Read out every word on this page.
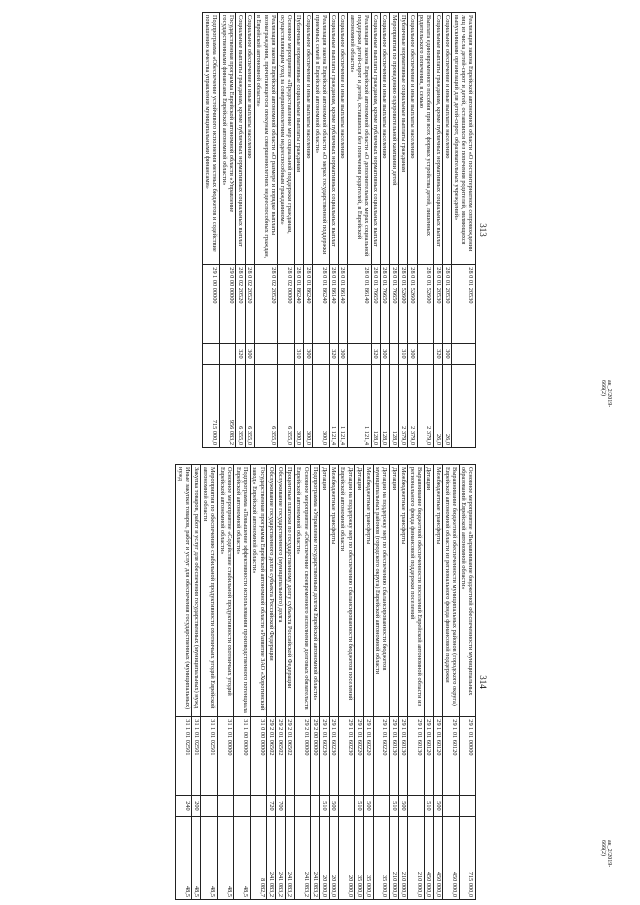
313
Реализация закона Еврейской автономной области «О постинтернатном сопровождении лиц из числа детей-сирот и детей, оставшихся без попечения родителей, являющихся выпускниками организаций для детей-сирот, образовательных учреждений»	28 0 01 20530		
Социальное обеспечение и иные выплаты населению	28 0 01 20530	300	26,0
Социальные выплаты гражданам, кроме публичных нормативных социальных выплат	28 0 01 20530	320	26,0
Выплата единовременного пособия при всех формах устройства детей, лишенных родительского попечения, в семью	28 0 01 52600		2 379,0
Социальное обеспечение и иные выплаты населению	28 0 01 52600	300	2 379,0
Публичные нормативные социальные выплаты гражданам	28 0 01 52600	310	2 379,0
Мероприятия по проведению оздоровительной кампании детей	28 0 01 76650		128,0
Социальное обеспечение и иные выплаты населению	28 0 01 76650	300	128,0
Социальные выплаты гражданам, кроме публичных нормативных социальных выплат	28 0 01 76650	320	128,0
Реализация закона Еврейской автономной области «О дополнительных мерах социальной поддержки детей-сирот и детей, оставшихся без попечения родителей, в Еврейской автономной области»	28 0 01 86140		1 121,4
Социальное обеспечение и иные выплаты населению	28 0 01 86140	300	1 121,4
Социальные выплаты гражданам, кроме публичных нормативных социальных выплат	28 0 01 86140	320	1 121,4
Реализация закона Еврейской автономной области «О мерах государственной поддержки приемных семей в Еврейской автономной области»	28 0 01 86240		300,0
Социальное обеспечение и иные выплаты населению	28 0 01 86240	300	300,0
Публичные нормативные социальные выплаты гражданам	28 0 01 86240	310	300,0
Основное мероприятие «Предоставление мер социальной поддержки гражданам, осуществляющим уход за совершеннолетним недееспособным гражданином»	28 0 02 00000		6 355,0
Реализация закона Еврейской автономной области «О размере и порядке выплаты вознаграждения, причитающегося опекунам совершеннолетних недееспособных граждан, в Еврейской автономной области»	28 0 02 20520		6 355,0
Социальное обеспечение и иные выплаты населению	28 0 02 20520	300	6 355,0
Социальные выплаты гражданам, кроме публичных нормативных социальных выплат	28 0 02 20520	320	6 355,0
Государственная программа Еврейской автономной области «Управление государственными финансами Еврейской автономной области»	29 0 00 00000		956 083,2
Подпрограмма «Обеспечение устойчивого исполнения местных бюджетов и содействие повышению качества управления муниципальными финансами»	29 1 00 00000		715 000,0
ак_2/2019-666(2)
314
Основное мероприятие «Выравнивание бюджетной обеспеченности муниципальных образований Еврейской автономной области»	29 1 01 00000		715 000,0
Выравнивание бюджетной обеспеченности муниципальных районов (городского округа) Еврейской автономной области из регионального фонда финансовой поддержки	29 1 01 60120		450 000,0
Межбюджетные трансферты	29 1 01 60120	500	450 000,0
Дотации	29 1 01 60120	510	450 000,0
Выравнивание бюджетной обеспеченности поселений Еврейской автономной области из регионального фонда финансовой поддержки поселений	29 1 01 60130		210 000,0
Межбюджетные трансферты	29 1 01 60130	500	210 000,0
Дотации	29 1 01 60130	510	210 000,0
Дотации на поддержку мер по обеспечению сбалансированности бюджетов муниципальных районов (городского округа) Еврейской автономной области	29 1 01 60220		35 000,0
Межбюджетные трансферты	29 1 01 60220	500	35 000,0
Дотации	29 1 01 60220	510	35 000,0
Дотации на поддержку мер по обеспечению сбалансированности бюджетов поселений Еврейской автономной области	29 1 01 60230		20 000,0
Межбюджетные трансферты	29 1 01 60230	500	20 000,0
Дотации	29 1 01 60230	510	20 000,0
Подпрограмма «Управление государственным долгом Еврейской автономной области»	29 2 00 00000		241 083,2
Основное мероприятие «Обеспечение своевременного исполнения долговых обязательств Еврейской автономной области»	29 2 01 00000		241 083,2
Процентные платежи по государственному долгу субъекта Российской Федерации	29 2 01 06502		241 083,2
Обслуживание государственного (муниципального) долга	29 2 01 06502	700	241 083,2
Обслуживание государственного долга субъекта Российской Федерации	29 2 01 06502	720	241 083,2
Государственная программа Еврейской автономной области «Развитие ЗАО «Хорогинский завод» Еврейской автономной области»	31 0 00 00000		8 082,7
Подпрограмма «Повышение эффективности использования производственного потенциала Еврейской автономной области»	31 1 00 00000		48,5
Основное мероприятие «Содействие стабильной продуктивности охотничьих угодий Еврейской автономной области»	31 1 01 00000		48,5
Мероприятия по обеспечению стабильной продуктивности охотничьих угодий Еврейской автономной области	31 1 01 02501		48,5
Закупка товаров, работ и услуг для обеспечения государственных (муниципальных) нужд	31 1 01 02501	200	48,5
Иные закупки товаров, работ и услуг для обеспечения государственных (муниципальных) нужд	31 1 01 02501	240	48,5
ак_2/2019-666(2)
